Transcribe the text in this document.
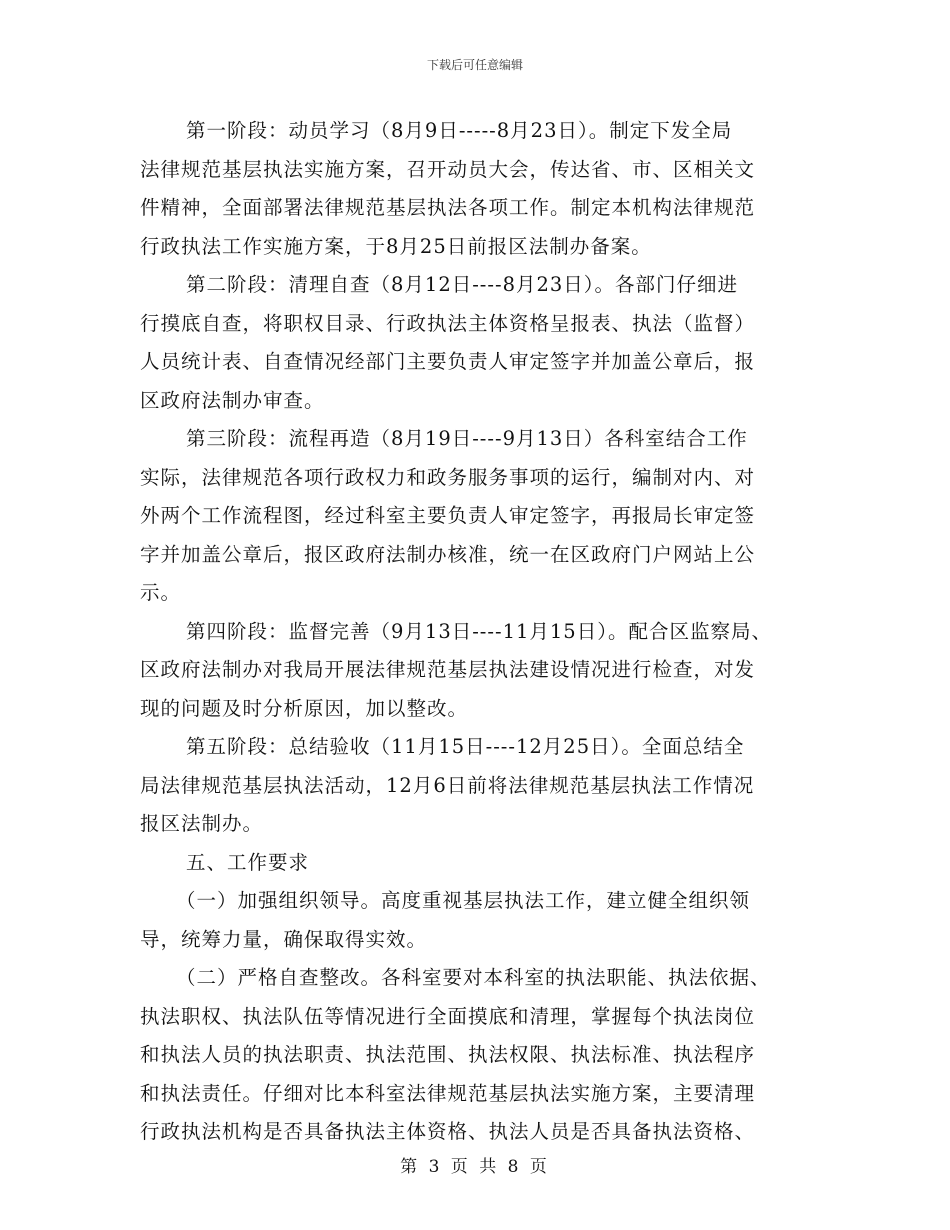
下载后可任意编辑
第一阶段：动员学习（8月9日-----8月23日）。制定下发全局
法律规范基层执法实施方案，召开动员大会，传达省、市、区相关文
件精神，全面部署法律规范基层执法各项工作。制定本机构法律规范
行政执法工作实施方案，于8月25日前报区法制办备案。
第二阶段：清理自查（8月12日----8月23日）。各部门仔细进
行摸底自查，将职权目录、行政执法主体资格呈报表、执法（监督）
人员统计表、自查情况经部门主要负责人审定签字并加盖公章后，报
区政府法制办审查。
第三阶段：流程再造（8月19日----9月13日）各科室结合工作
实际，法律规范各项行政权力和政务服务事项的运行，编制对内、对
外两个工作流程图，经过科室主要负责人审定签字，再报局长审定签
字并加盖公章后，报区政府法制办核准，统一在区政府门户网站上公
示。
第四阶段：监督完善（9月13日----11月15日）。配合区监察局、
区政府法制办对我局开展法律规范基层执法建设情况进行检查，对发
现的问题及时分析原因，加以整改。
第五阶段：总结验收（11月15日----12月25日）。全面总结全
局法律规范基层执法活动，12月6日前将法律规范基层执法工作情况
报区法制办。
五、工作要求
（一）加强组织领导。高度重视基层执法工作，建立健全组织领
导，统筹力量，确保取得实效。
（二）严格自查整改。各科室要对本科室的执法职能、执法依据、
执法职权、执法队伍等情况进行全面摸底和清理，掌握每个执法岗位
和执法人员的执法职责、执法范围、执法权限、执法标准、执法程序
和执法责任。仔细对比本科室法律规范基层执法实施方案，主要清理
行政执法机构是否具备执法主体资格、执法人员是否具备执法资格、
第 3 页 共 8 页
